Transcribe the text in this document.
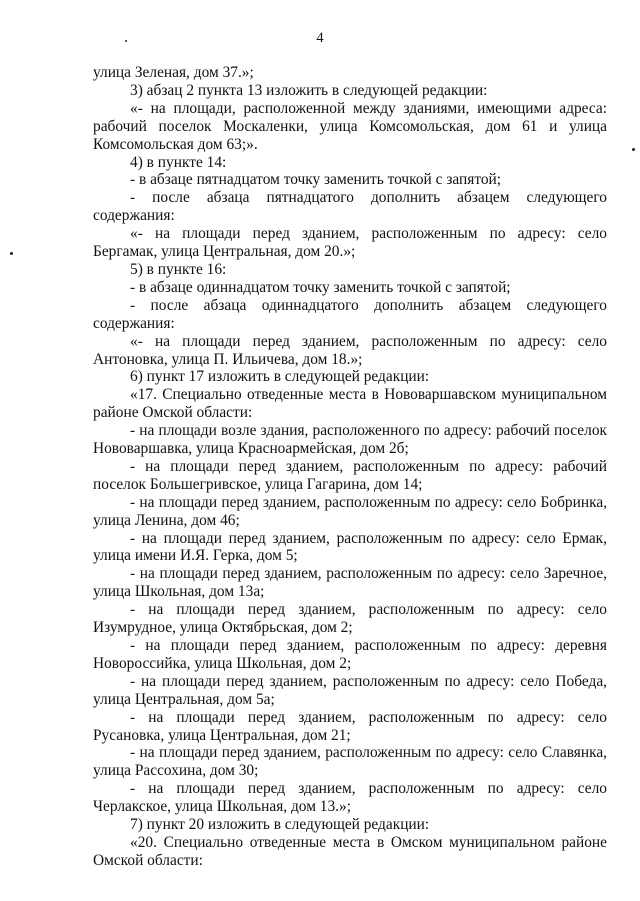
4

улица Зеленая, дом 37.»;

3) абзац 2 пункта 13 изложить в следующей редакции:

«- на площади, расположенной между зданиями, имеющими адреса: рабочий поселок Москаленки, улица Комсомольская, дом 61 и улица Комсомольская дом 63;».

4) в пункте 14:

- в абзаце пятнадцатом точку заменить точкой с запятой;

- после абзаца пятнадцатого дополнить абзацем следующего содержания:

«- на площади перед зданием, расположенным по адресу: село Бергамак, улица Центральная, дом 20.»;

5) в пункте 16:

- в абзаце одиннадцатом точку заменить точкой с запятой;

- после абзаца одиннадцатого дополнить абзацем следующего содержания:

«- на площади перед зданием, расположенным по адресу: село Антоновка, улица П. Ильичева, дом 18.»;

6) пункт 17 изложить в следующей редакции:

«17. Специально отведенные места в Нововаршавском муниципальном районе Омской области:

- на площади возле здания, расположенного по адресу: рабочий поселок Нововаршавка, улица Красноармейская, дом 2б;

- на площади перед зданием, расположенным по адресу: рабочий поселок Большегривское, улица Гагарина, дом 14;

- на площади перед зданием, расположенным по адресу: село Бобринка, улица Ленина, дом 46;

- на площади перед зданием, расположенным по адресу: село Ермак, улица имени И.Я. Герка, дом 5;

- на площади перед зданием, расположенным по адресу: село Заречное, улица Школьная, дом 13а;

- на площади перед зданием, расположенным по адресу: село Изумрудное, улица Октябрьская, дом 2;

- на площади перед зданием, расположенным по адресу: деревня Новороссийка, улица Школьная, дом 2;

- на площади перед зданием, расположенным по адресу: село Победа, улица Центральная, дом 5а;

- на площади перед зданием, расположенным по адресу: село Русановка, улица Центральная, дом 21;

- на площади перед зданием, расположенным по адресу: село Славянка, улица Рассохина, дом 30;

- на площади перед зданием, расположенным по адресу: село Черлакское, улица Школьная, дом 13.»;

7) пункт 20 изложить в следующей редакции:

«20. Специально отведенные места в Омском муниципальном районе Омской области:
